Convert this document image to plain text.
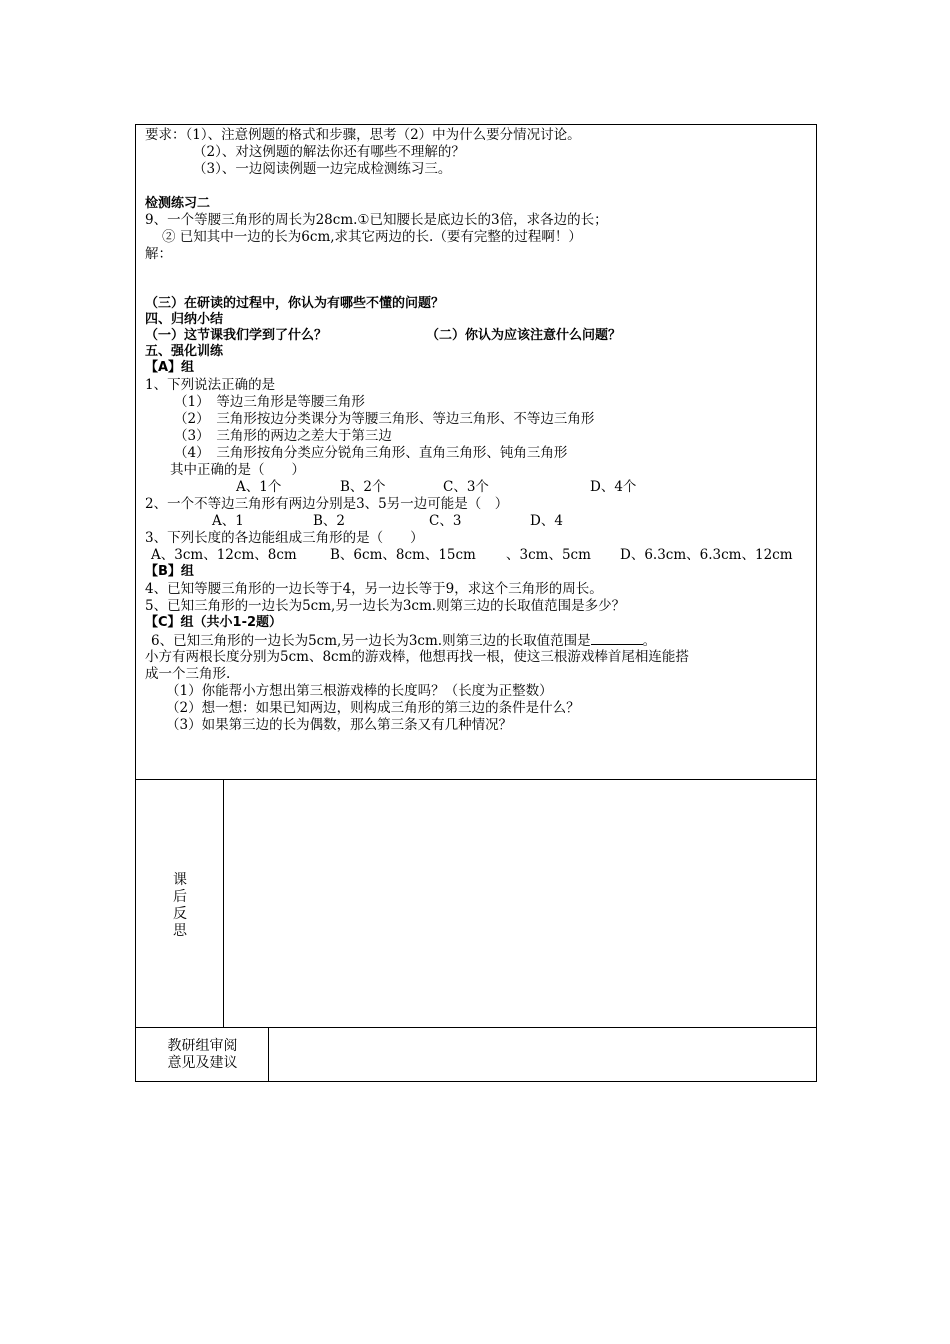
要求：（1）、注意例题的格式和步骤，思考（2）中为什么要分情况讨论。
（2）、对这例题的解法你还有哪些不理解的？
（3）、一边阅读例题一边完成检测练习三。
检测练习二
9、一个等腰三角形的周长为28cm.①已知腰长是底边长的3倍，求各边的长；
② 已知其中一边的长为6cm,求其它两边的长.（要有完整的过程啊！）
解：
（三）在研读的过程中，你认为有哪些不懂的问题？
四、归纳小结
（一）这节课我们学到了什么？	（二）你认为应该注意什么问题？
五、强化训练
【A】组
1、下列说法正确的是
（1）　等边三角形是等腰三角形
（2）　三角形按边分类课分为等腰三角形、等边三角形、不等边三角形
（3）　三角形的两边之差大于第三边
（4）　三角形按角分类应分锐角三角形、直角三角形、钝角三角形
其中正确的是（　　）
A、1个	B、2个	C、3个	D、4个
2、一个不等边三角形有两边分别是3、5另一边可能是（　）
A、1	B、2	C、3	D、4
3、下列长度的各边能组成三角形的是（　　）
A、3cm、12cm、8cm B、6cm、8cm、15cm 、3cm、5cm D、6.3cm、6.3cm、12cm
【B】组
4、已知等腰三角形的一边长等于4，另一边长等于9，求这个三角形的周长。
5、已知三角形的一边长为5cm,另一边长为3cm.则第三边的长取值范围是多少？
【C】组（共小1-2题）
6、已知三角形的一边长为5cm,另一边长为3cm.则第三边的长取值范围是	。
小方有两根长度分别为5cm、8cm的游戏棒，他想再找一根，使这三根游戏棒首尾相连能搭
成一个三角形.
（1）你能帮小方想出第三根游戏棒的长度吗？（长度为正整数）
（2）想一想：如果已知两边，则构成三角形的第三边的条件是什么？
（3）如果第三边的长为偶数，那么第三条又有几种情况？
课后反思
教研组审阅
意见及建议
